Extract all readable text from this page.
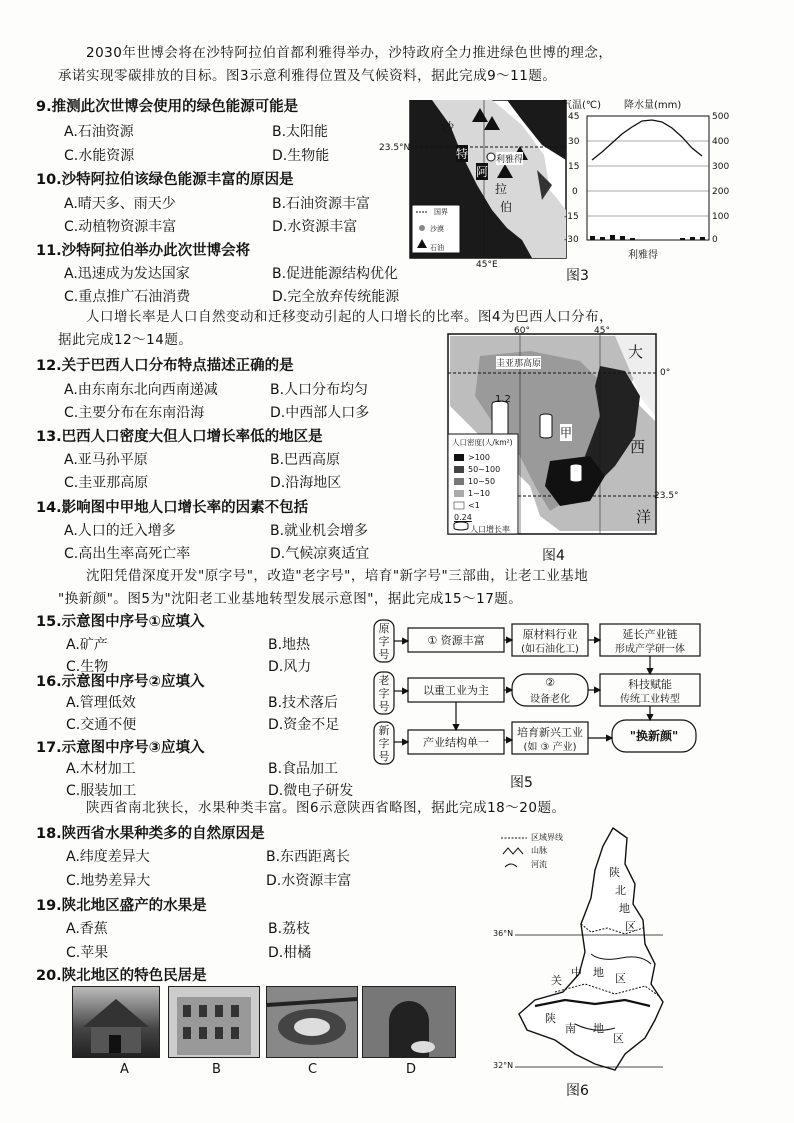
2030年世博会将在沙特阿拉伯首都利雅得举办，沙特政府全力推进绿色世博的理念，
承诺实现零碳排放的目标。图3示意利雅得位置及气候资料，据此完成9～11题。
9.推测此次世博会使用的绿色能源可能是
A.石油资源	B.太阳能
C.水能资源	D.生物能
10.沙特阿拉伯该绿色能源丰富的原因是
A.晴天多、雨天少	B.石油资源丰富
C.动植物资源丰富	D.水资源丰富
11.沙特阿拉伯举办此次世博会将
A.迅速成为发达国家	B.促进能源结构优化
C.重点推广石油消费	D.完全放弃传统能源
23.5°N
45°E
沙
特
阿
拉
伯
利雅得
国界
沙漠
石油
气温(℃) 降水量(mm)
45
30
15
0
-15
-30
500
400
300
200
100
0
利雅得
图3
人口增长率是人口自然变动和迁移变动引起的人口增长的比率。图4为巴西人口分布，
据此完成12～14题。
12.关于巴西人口分布特点描述正确的是
A.由东南东北向西南递减	B.人口分布均匀
C.主要分布在东南沿海	D.中西部人口多
13.巴西人口密度大但人口增长率低的地区是
A.亚马孙平原	B.巴西高原
C.圭亚那高原	D.沿海地区
14.影响图中甲地人口增长率的因素不包括
A.人口的迁入增多	B.就业机会增多
C.高出生率高死亡率	D.气候凉爽适宜
60°	45°
0°
23.5°
圭亚那高原
甲
大
西
洋
1.2
人口密度(人/km²)
>100
50~100
10~50
1~10
<1
0.24
人口增长率
图4
沈阳凭借深度开发"原字号"，改造"老字号"，培育"新字号"三部曲，让老工业基地
"换新颜"。图5为"沈阳老工业基地转型发展示意图"，据此完成15～17题。
15.示意图中序号①应填入
A.矿产	B.地热
C.生物	D.风力
16.示意图中序号②应填入
A.管理低效	B.技术落后
C.交通不便	D.资金不足
17.示意图中序号③应填入
A.木材加工	B.食品加工
C.服装加工	D.微电子研发
原字号
老字号
新字号
① 资源丰富	原材料行业
(如石油化工)
延长产业链
形成产学研一体
以重工业为主
②
设备老化
科技赋能
传统工业转型
产业结构单一
培育新兴工业
(如 ③ 产业)
"换新颜"
图5
陕西省南北狭长，水果种类丰富。图6示意陕西省略图，据此完成18～20题。
18.陕西省水果种类多的自然原因是
A.纬度差异大	B.东西距离长
C.地势差异大	D.水资源丰富
19.陕北地区盛产的水果是
A.香蕉	B.荔枝
C.苹果	D.柑橘
20.陕北地区的特色民居是
A	B	C	D
区域界线
山脉
河流
36°N
32°N
陕
北
地
区
关
中 地 区
陕
南 地
区
图6
